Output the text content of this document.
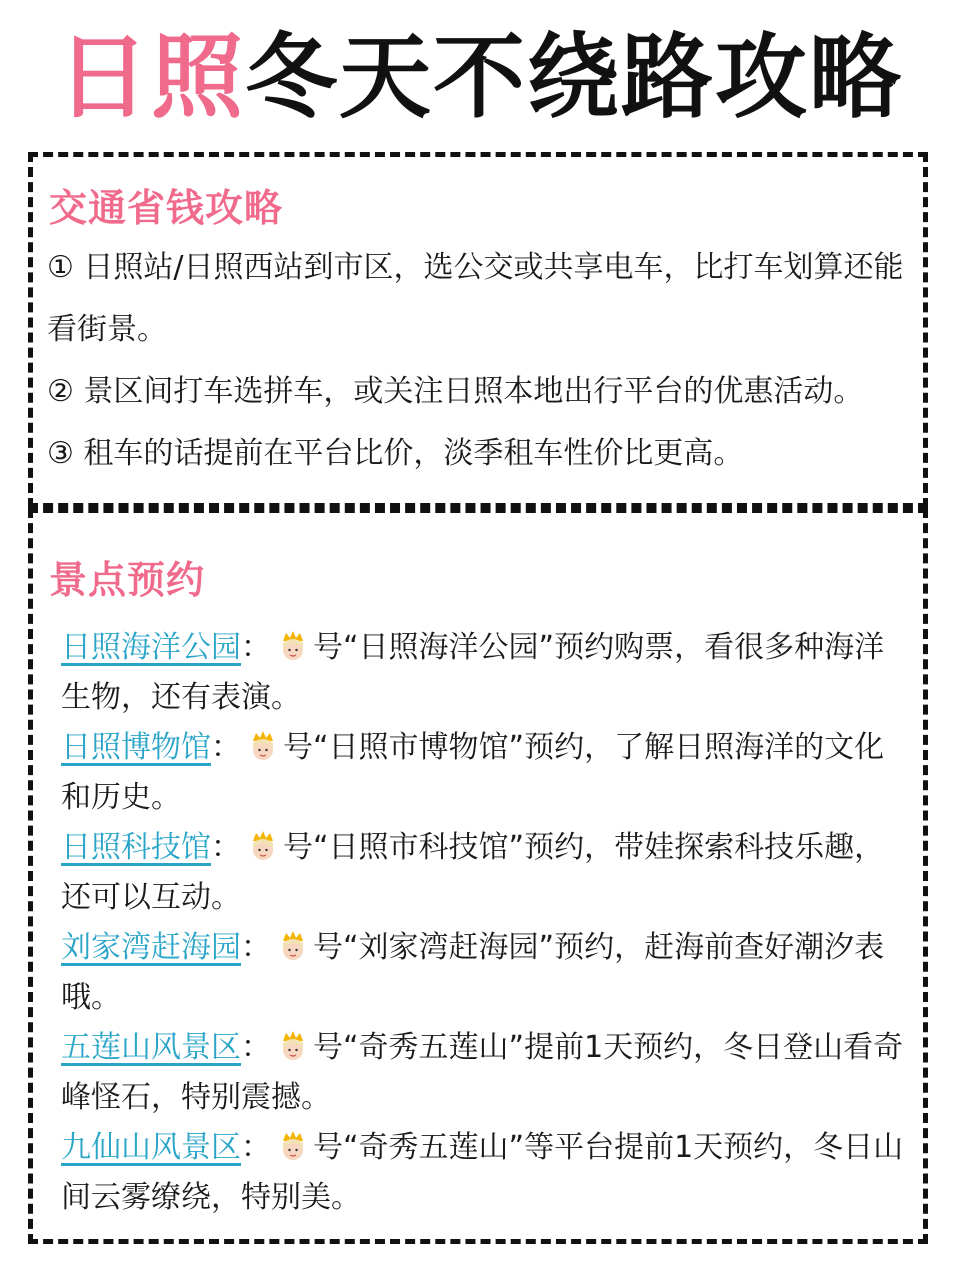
日照冬天不绕路攻略
交通省钱攻略
① 日照站/日照西站到市区，选公交或共享电车，比打车划算还能看街景。
② 景区间打车选拼车，或关注日照本地出行平台的优惠活动。
③ 租车的话提前在平台比价，淡季租车性价比更高。
景点预约
日照海洋公园： 号“日照海洋公园”预约购票，看很多种海洋生物，还有表演。
日照博物馆： 号“日照市博物馆”预约，了解日照海洋的文化和历史。
日照科技馆： 号“日照市科技馆”预约，带娃探索科技乐趣，还可以互动。
刘家湾赶海园： 号“刘家湾赶海园”预约，赶海前查好潮汐表哦。
五莲山风景区： 号“奇秀五莲山”提前1天预约，冬日登山看奇峰怪石，特别震撼。
九仙山风景区： 号“奇秀五莲山”等平台提前1天预约，冬日山间云雾缭绕，特别美。
